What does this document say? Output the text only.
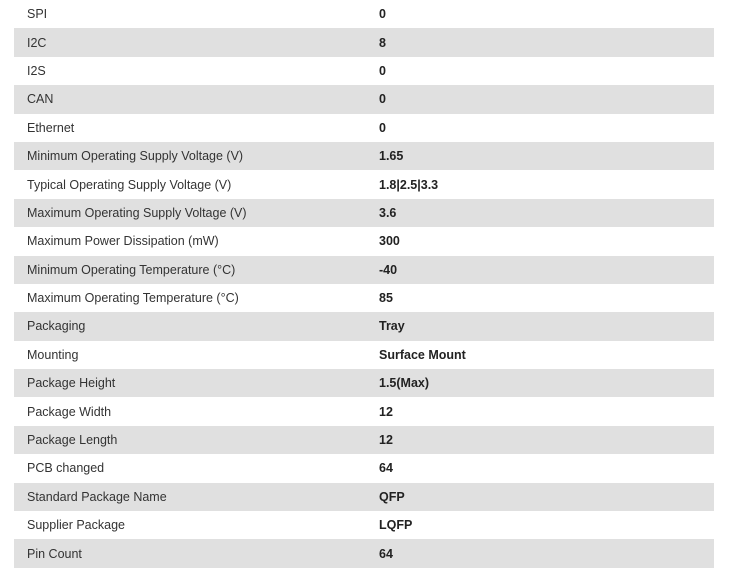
SPI	0
I2C	8
I2S	0
CAN	0
Ethernet	0
Minimum Operating Supply Voltage (V)	1.65
Typical Operating Supply Voltage (V)	1.8|2.5|3.3
Maximum Operating Supply Voltage (V)	3.6
Maximum Power Dissipation (mW)	300
Minimum Operating Temperature (°C)	-40
Maximum Operating Temperature (°C)	85
Packaging	Tray
Mounting	Surface Mount
Package Height	1.5(Max)
Package Width	12
Package Length	12
PCB changed	64
Standard Package Name	QFP
Supplier Package	LQFP
Pin Count	64
